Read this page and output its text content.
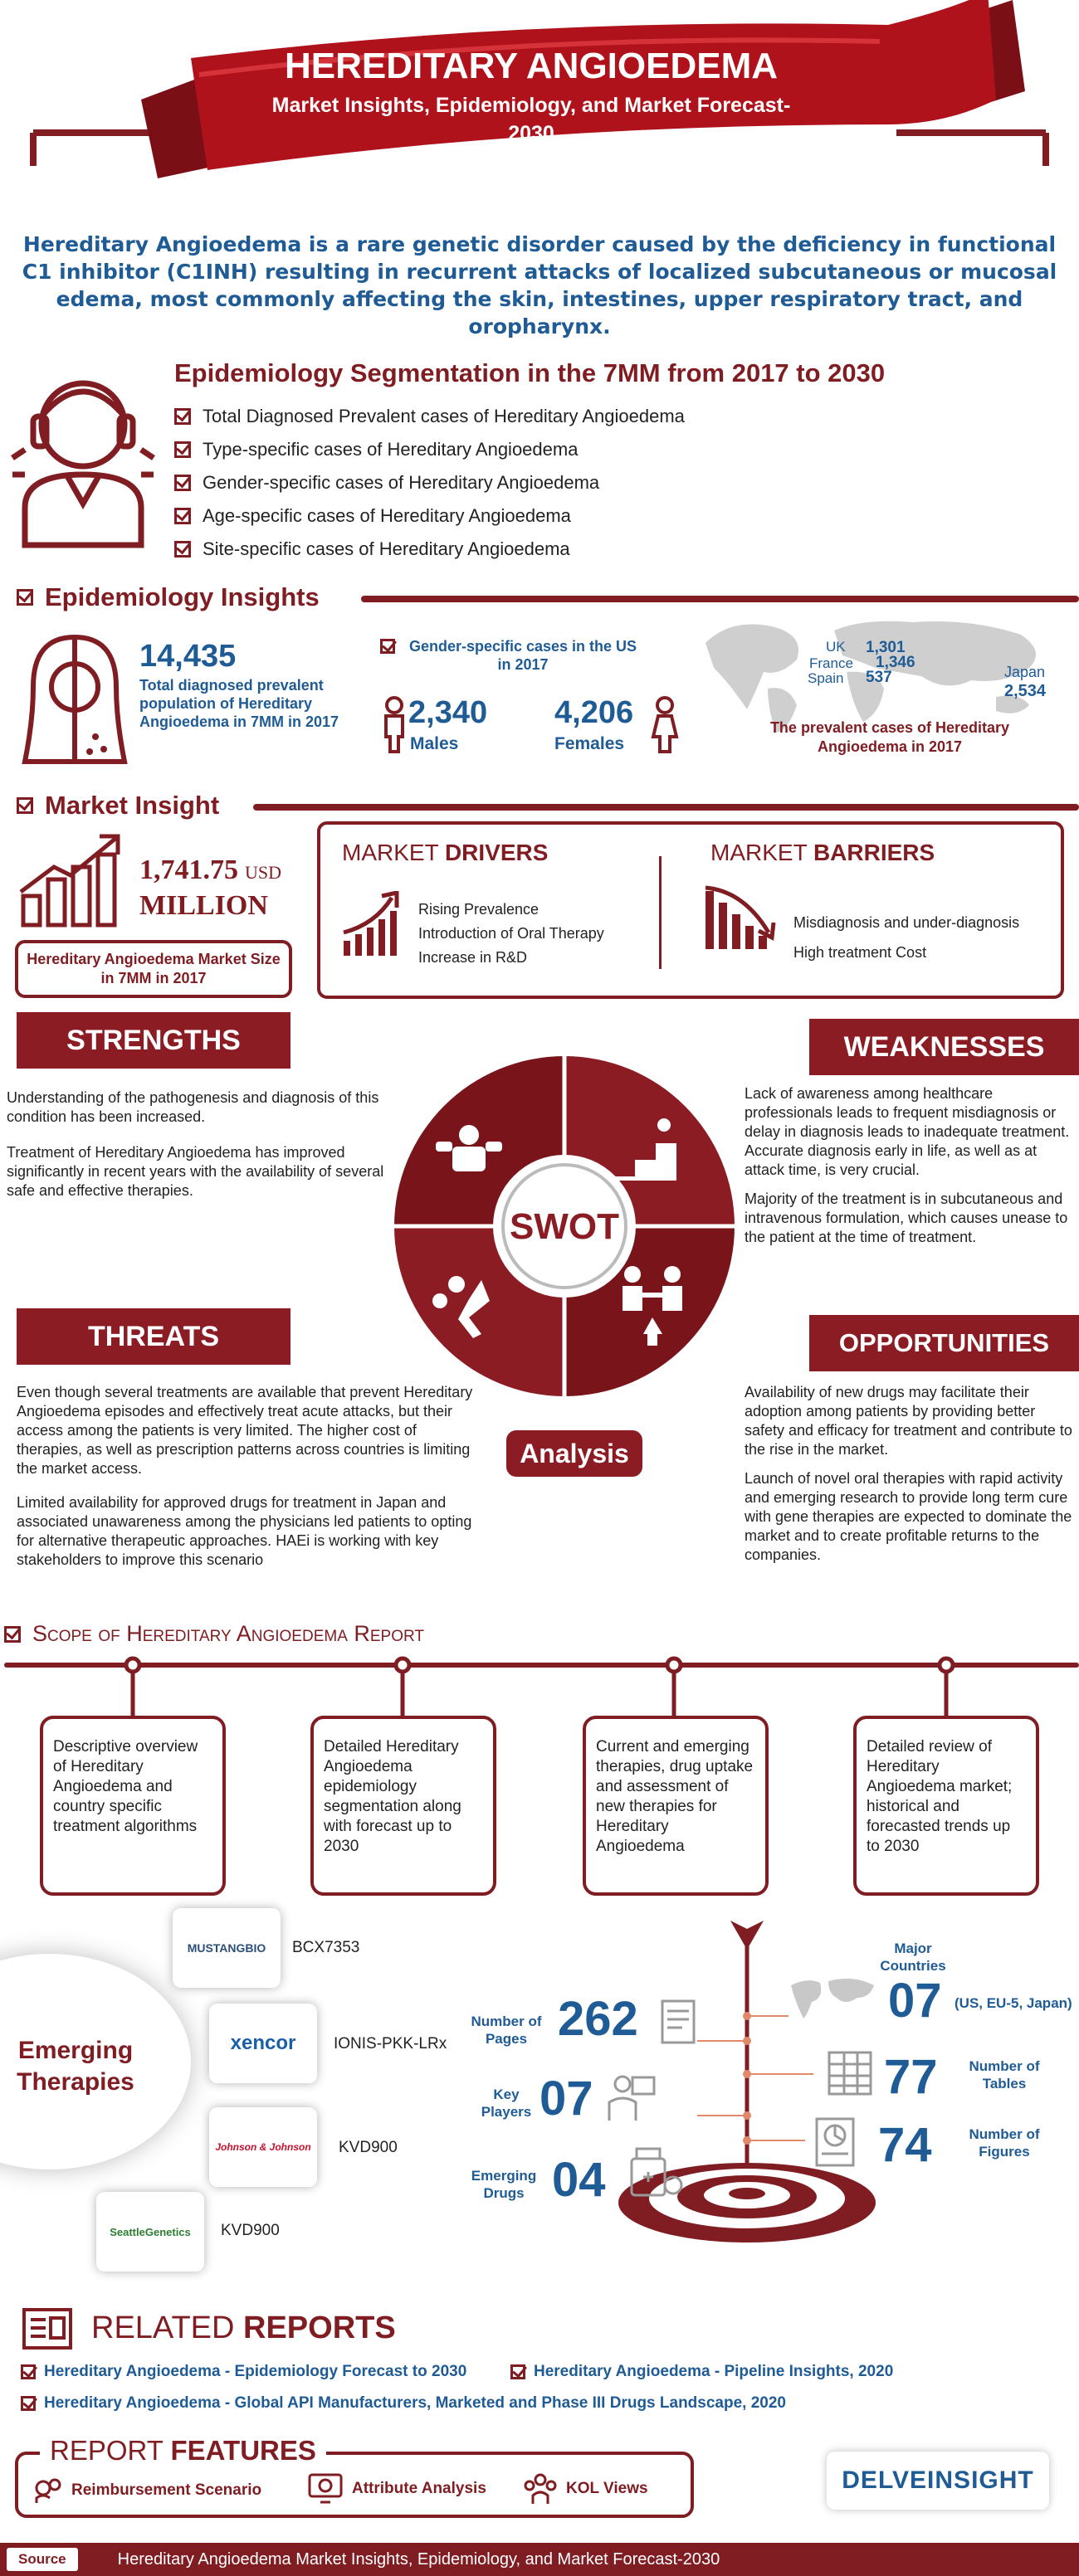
HEREDITARY ANGIOEDEMA
Market Insights, Epidemiology, and Market Forecast-2030
Hereditary Angioedema is a rare genetic disorder caused by the deficiency in functional C1 inhibitor (C1INH) resulting in recurrent attacks of localized subcutaneous or mucosal edema, most commonly affecting the skin, intestines, upper respiratory tract, and oropharynx.
Epidemiology Segmentation in the 7MM from 2017 to 2030
Total Diagnosed Prevalent cases of Hereditary Angioedema
Type-specific cases of Hereditary Angioedema
Gender-specific cases of Hereditary Angioedema
Age-specific cases of Hereditary Angioedema
Site-specific cases of Hereditary Angioedema
Epidemiology Insights
14,435
Total diagnosed prevalent population of Hereditary Angioedema in 7MM in 2017
Gender-specific cases in the US in 2017
2,340
Males
4,206
Females
UK 1,301
France 1,346
Spain 537	Japan
2,534
The prevalent cases of Hereditary Angioedema in 2017
Market Insight
1,741.75 USD
MILLION
Hereditary Angioedema Market Size in 7MM in 2017
MARKET DRIVERS
Rising Prevalence
Introduction of Oral Therapy
Increase in R&D
MARKET BARRIERS
Misdiagnosis and under-diagnosis
High treatment Cost
STRENGTHS	WEAKNESSES
THREATS	OPPORTUNITIES

Understanding of the pathogenesis and diagnosis of this condition has been increased.

Treatment of Hereditary Angioedema has improved significantly in recent years with the availability of several safe and effective therapies.

Lack of awareness among healthcare professionals leads to frequent misdiagnosis or delay in diagnosis leads to inadequate treatment. Accurate diagnosis early in life, as well as at attack time, is very crucial.

Majority of the treatment is in subcutaneous and intravenous formulation, which causes unease to the patient at the time of treatment.

Even though several treatments are available that prevent Hereditary Angioedema episodes and effectively treat acute attacks, but their access among the patients is very limited. The higher cost of therapies, as well as prescription patterns across countries is limiting the market access.

Limited availability for approved drugs for treatment in Japan and associated unawareness among the physicians led patients to opting for alternative therapeutic approaches. HAEi is working with key stakeholders to improve this scenario

Availability of new drugs may facilitate their adoption among patients by providing better safety and efficacy for treatment and contribute to the rise in the market.

Launch of novel oral therapies with rapid activity and emerging research to provide long term cure with gene therapies are expected to dominate the market and to create profitable returns to the companies.

SWOT
Analysis
Scope of Hereditary Angioedema Report
Descriptive overview of Hereditary Angioedema and country specific treatment algorithms
Detailed Hereditary Angioedema epidemiology segmentation along with forecast up to 2030
Current and emerging therapies, drug uptake and assessment of new therapies for Hereditary Angioedema
Detailed review of Hereditary Angioedema market; historical and forecasted trends up to 2030
Emerging Therapies
MUSTANGBIO BCX7353
xencor IONIS-PKK-LRx
Johnson & Johnson KVD900
SeattleGenetics KVD900
Major Countries
07 (US, EU-5, Japan)
Number of Pages 262
Key Players 07
Emerging Drugs 04
77	Number of Tables
74	Number of Figures
RELATED REPORTS
Hereditary Angioedema - Epidemiology Forecast to 2030	Hereditary Angioedema - Pipeline Insights, 2020
Hereditary Angioedema - Global API Manufacturers, Marketed and Phase III Drugs Landscape, 2020
REPORT FEATURES
Reimbursement Scenario	Attribute Analysis	KOL Views	DELVEINSIGHT
Source	Hereditary Angioedema Market Insights, Epidemiology, and Market Forecast-2030
